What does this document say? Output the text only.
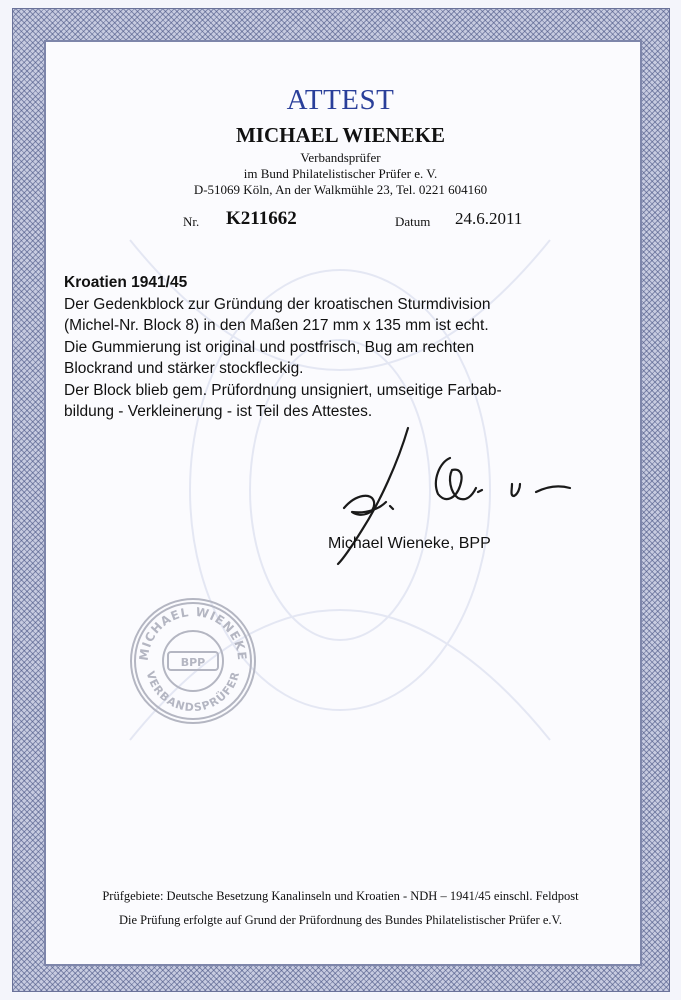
ATTEST
MICHAEL WIENEKE
Verbandsprüfer
im Bund Philatelistischer Prüfer e. V.
D-51069 Köln, An der Walkmühle 23, Tel. 0221 604160
Nr. K211662	Datum 24.6.2011
Kroatien 1941/45
Der Gedenkblock zur Gründung der kroatischen Sturmdivision
(Michel-Nr. Block 8) in den Maßen 217 mm x 135 mm ist echt.
Die Gummierung ist original und postfrisch, Bug am rechten
Blockrand und stärker stockfleckig.
Der Block blieb gem. Prüfordnung unsigniert, umseitige Farbab-
bildung - Verkleinerung - ist Teil des Attestes.
Michael Wieneke, BPP
MICHAEL WIENEKE
VERBANDSPRÜFER
BPP
Prüfgebiete: Deutsche Besetzung Kanalinseln und Kroatien - NDH – 1941/45 einschl. Feldpost
Die Prüfung erfolgte auf Grund der Prüfordnung des Bundes Philatelistischer Prüfer e.V.
